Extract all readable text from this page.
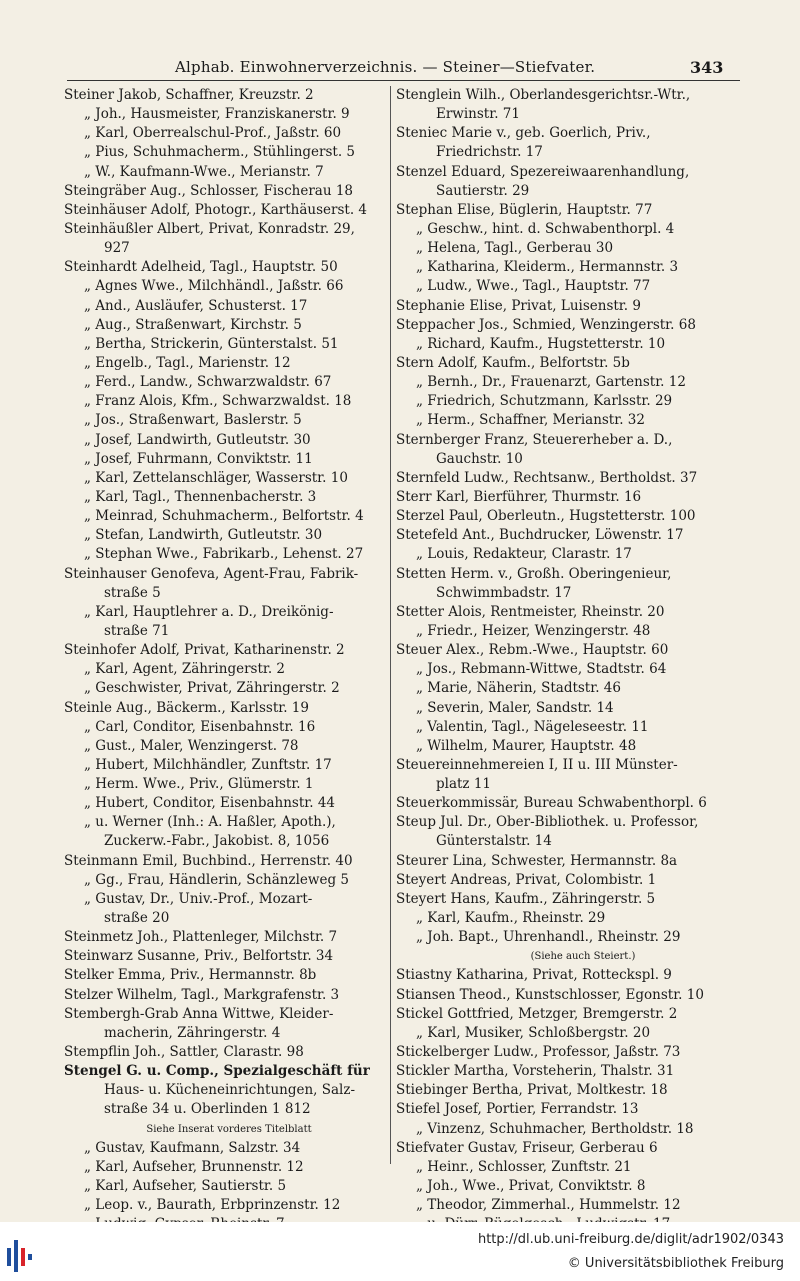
Alphab. Einwohnerverzeichnis. — Steiner—Stiefvater.	343
Steiner Jakob, Schaffner, Kreuzstr. 2
„ Joh., Hausmeister, Franziskanerstr. 9
„ Karl, Oberrealschul-Prof., Jaßstr. 60
„ Pius, Schuhmacherm., Stühlingerst. 5
„ W., Kaufmann-Wwe., Merianstr. 7
Steingräber Aug., Schlosser, Fischerau 18
Steinhäuser Adolf, Photogr., Karthäuserst. 4
Steinhäußler Albert, Privat, Konradstr. 29,
927
Steinhardt Adelheid, Tagl., Hauptstr. 50
„ Agnes Wwe., Milchhändl., Jaßstr. 66
„ And., Ausläufer, Schusterst. 17
„ Aug., Straßenwart, Kirchstr. 5
„ Bertha, Strickerin, Günterstalst. 51
„ Engelb., Tagl., Marienstr. 12
„ Ferd., Landw., Schwarzwaldstr. 67
„ Franz Alois, Kfm., Schwarzwaldst. 18
„ Jos., Straßenwart, Baslerstr. 5
„ Josef, Landwirth, Gutleutstr. 30
„ Josef, Fuhrmann, Conviktstr. 11
„ Karl, Zettelanschläger, Wasserstr. 10
„ Karl, Tagl., Thennenbacherstr. 3
„ Meinrad, Schuhmacherm., Belfortstr. 4
„ Stefan, Landwirth, Gutleutstr. 30
„ Stephan Wwe., Fabrikarb., Lehenst. 27
Steinhauser Genofeva, Agent-Frau, Fabrik-
straße 5
„ Karl, Hauptlehrer a. D., Dreikönig-
straße 71
Steinhofer Adolf, Privat, Katharinenstr. 2
„ Karl, Agent, Zähringerstr. 2
„ Geschwister, Privat, Zähringerstr. 2
Steinle Aug., Bäckerm., Karlsstr. 19
„ Carl, Conditor, Eisenbahnstr. 16
„ Gust., Maler, Wenzingerst. 78
„ Hubert, Milchhändler, Zunftstr. 17
„ Herm. Wwe., Priv., Glümerstr. 1
„ Hubert, Conditor, Eisenbahnstr. 44
„ u. Werner (Inh.: A. Haßler, Apoth.),
Zuckerw.-Fabr., Jakobist. 8, 1056
Steinmann Emil, Buchbind., Herrenstr. 40
„ Gg., Frau, Händlerin, Schänzleweg 5
„ Gustav, Dr., Univ.-Prof., Mozart-
straße 20
Steinmetz Joh., Plattenleger, Milchstr. 7
Steinwarz Susanne, Priv., Belfortstr. 34
Stelker Emma, Priv., Hermannstr. 8b
Stelzer Wilhelm, Tagl., Markgrafenstr. 3
Stembergh-Grab Anna Wittwe, Kleider-
macherin, Zähringerstr. 4
Stempflin Joh., Sattler, Clarastr. 98
Stengel G. u. Comp., Spezialgeschäft für
Haus- u. Kücheneinrichtungen, Salz-
straße 34 u. Oberlinden 1 812
Siehe Inserat vorderes Titelblatt
„ Gustav, Kaufmann, Salzstr. 34
„ Karl, Aufseher, Brunnenstr. 12
„ Karl, Aufseher, Sautierstr. 5
„ Leop. v., Baurath, Erbprinzenstr. 12
Stenglein Wilh., Oberlandesgerichtsr.-Wtr.,
Erwinstr. 71
Steniec Marie v., geb. Goerlich, Priv.,
Friedrichstr. 17
Stenzel Eduard, Spezereiwaarenhandlung,
Sautierstr. 29
Stephan Elise, Büglerin, Hauptstr. 77
„ Geschw., hint. d. Schwabenthorpl. 4
„ Helena, Tagl., Gerberau 30
„ Katharina, Kleiderm., Hermannstr. 3
„ Ludw., Wwe., Tagl., Hauptstr. 77
Stephanie Elise, Privat, Luisenstr. 9
Steppacher Jos., Schmied, Wenzingerstr. 68
„ Richard, Kaufm., Hugstetterstr. 10
Stern Adolf, Kaufm., Belfortstr. 5b
„ Bernh., Dr., Frauenarzt, Gartenstr. 12
„ Friedrich, Schutzmann, Karlsstr. 29
„ Herm., Schaffner, Merianstr. 32
Sternberger Franz, Steuererheber a. D.,
Gauchstr. 10
Sternfeld Ludw., Rechtsanw., Bertholdst. 37
Sterr Karl, Bierführer, Thurmstr. 16
Sterzel Paul, Oberleutn., Hugstetterstr. 100
Stetefeld Ant., Buchdrucker, Löwenstr. 17
„ Louis, Redakteur, Clarastr. 17
Stetten Herm. v., Großh. Oberingenieur,
Schwimmbadstr. 17
Stetter Alois, Rentmeister, Rheinstr. 20
„ Friedr., Heizer, Wenzingerstr. 48
Steuer Alex., Rebm.-Wwe., Hauptstr. 60
„ Jos., Rebmann-Wittwe, Stadtstr. 64
„ Marie, Näherin, Stadtstr. 46
„ Severin, Maler, Sandstr. 14
„ Valentin, Tagl., Nägeleseestr. 11
„ Wilhelm, Maurer, Hauptstr. 48
Steuereinnehmereien I, II u. III Münster-
platz 11
Steuerkommissär, Bureau Schwabenthorpl. 6
Steup Jul. Dr., Ober-Bibliothek. u. Professor,
Günterstalstr. 14
Steurer Lina, Schwester, Hermannstr. 8a
Steyert Andreas, Privat, Colombistr. 1
Steyert Hans, Kaufm., Zähringerstr. 5
„ Karl, Kaufm., Rheinstr. 29
„ Joh. Bapt., Uhrenhandl., Rheinstr. 29
(Siehe auch Steiert.)
Stiastny Katharina, Privat, Rotteckspl. 9
Stiansen Theod., Kunstschlosser, Egonstr. 10
Stickel Gottfried, Metzger, Bremgerstr. 2
„ Karl, Musiker, Schloßbergstr. 20
Stickelberger Ludw., Professor, Jaßstr. 73
Stickler Martha, Vorsteherin, Thalstr. 31
Stiebinger Bertha, Privat, Moltkestr. 18
Stiefel Josef, Portier, Ferrandstr. 13
„ Vinzenz, Schuhmacher, Bertholdstr. 18
Stiefvater Gustav, Friseur, Gerberau 6
„ Heinr., Schlosser, Zunftstr. 21
„ Joh., Wwe., Privat, Conviktstr. 8
„ Theodor, Zimmerhal., Hummelstr. 12
http://dl.ub.uni-freiburg.de/diglit/adr1902/0343
© Universitätsbibliothek Freiburg
